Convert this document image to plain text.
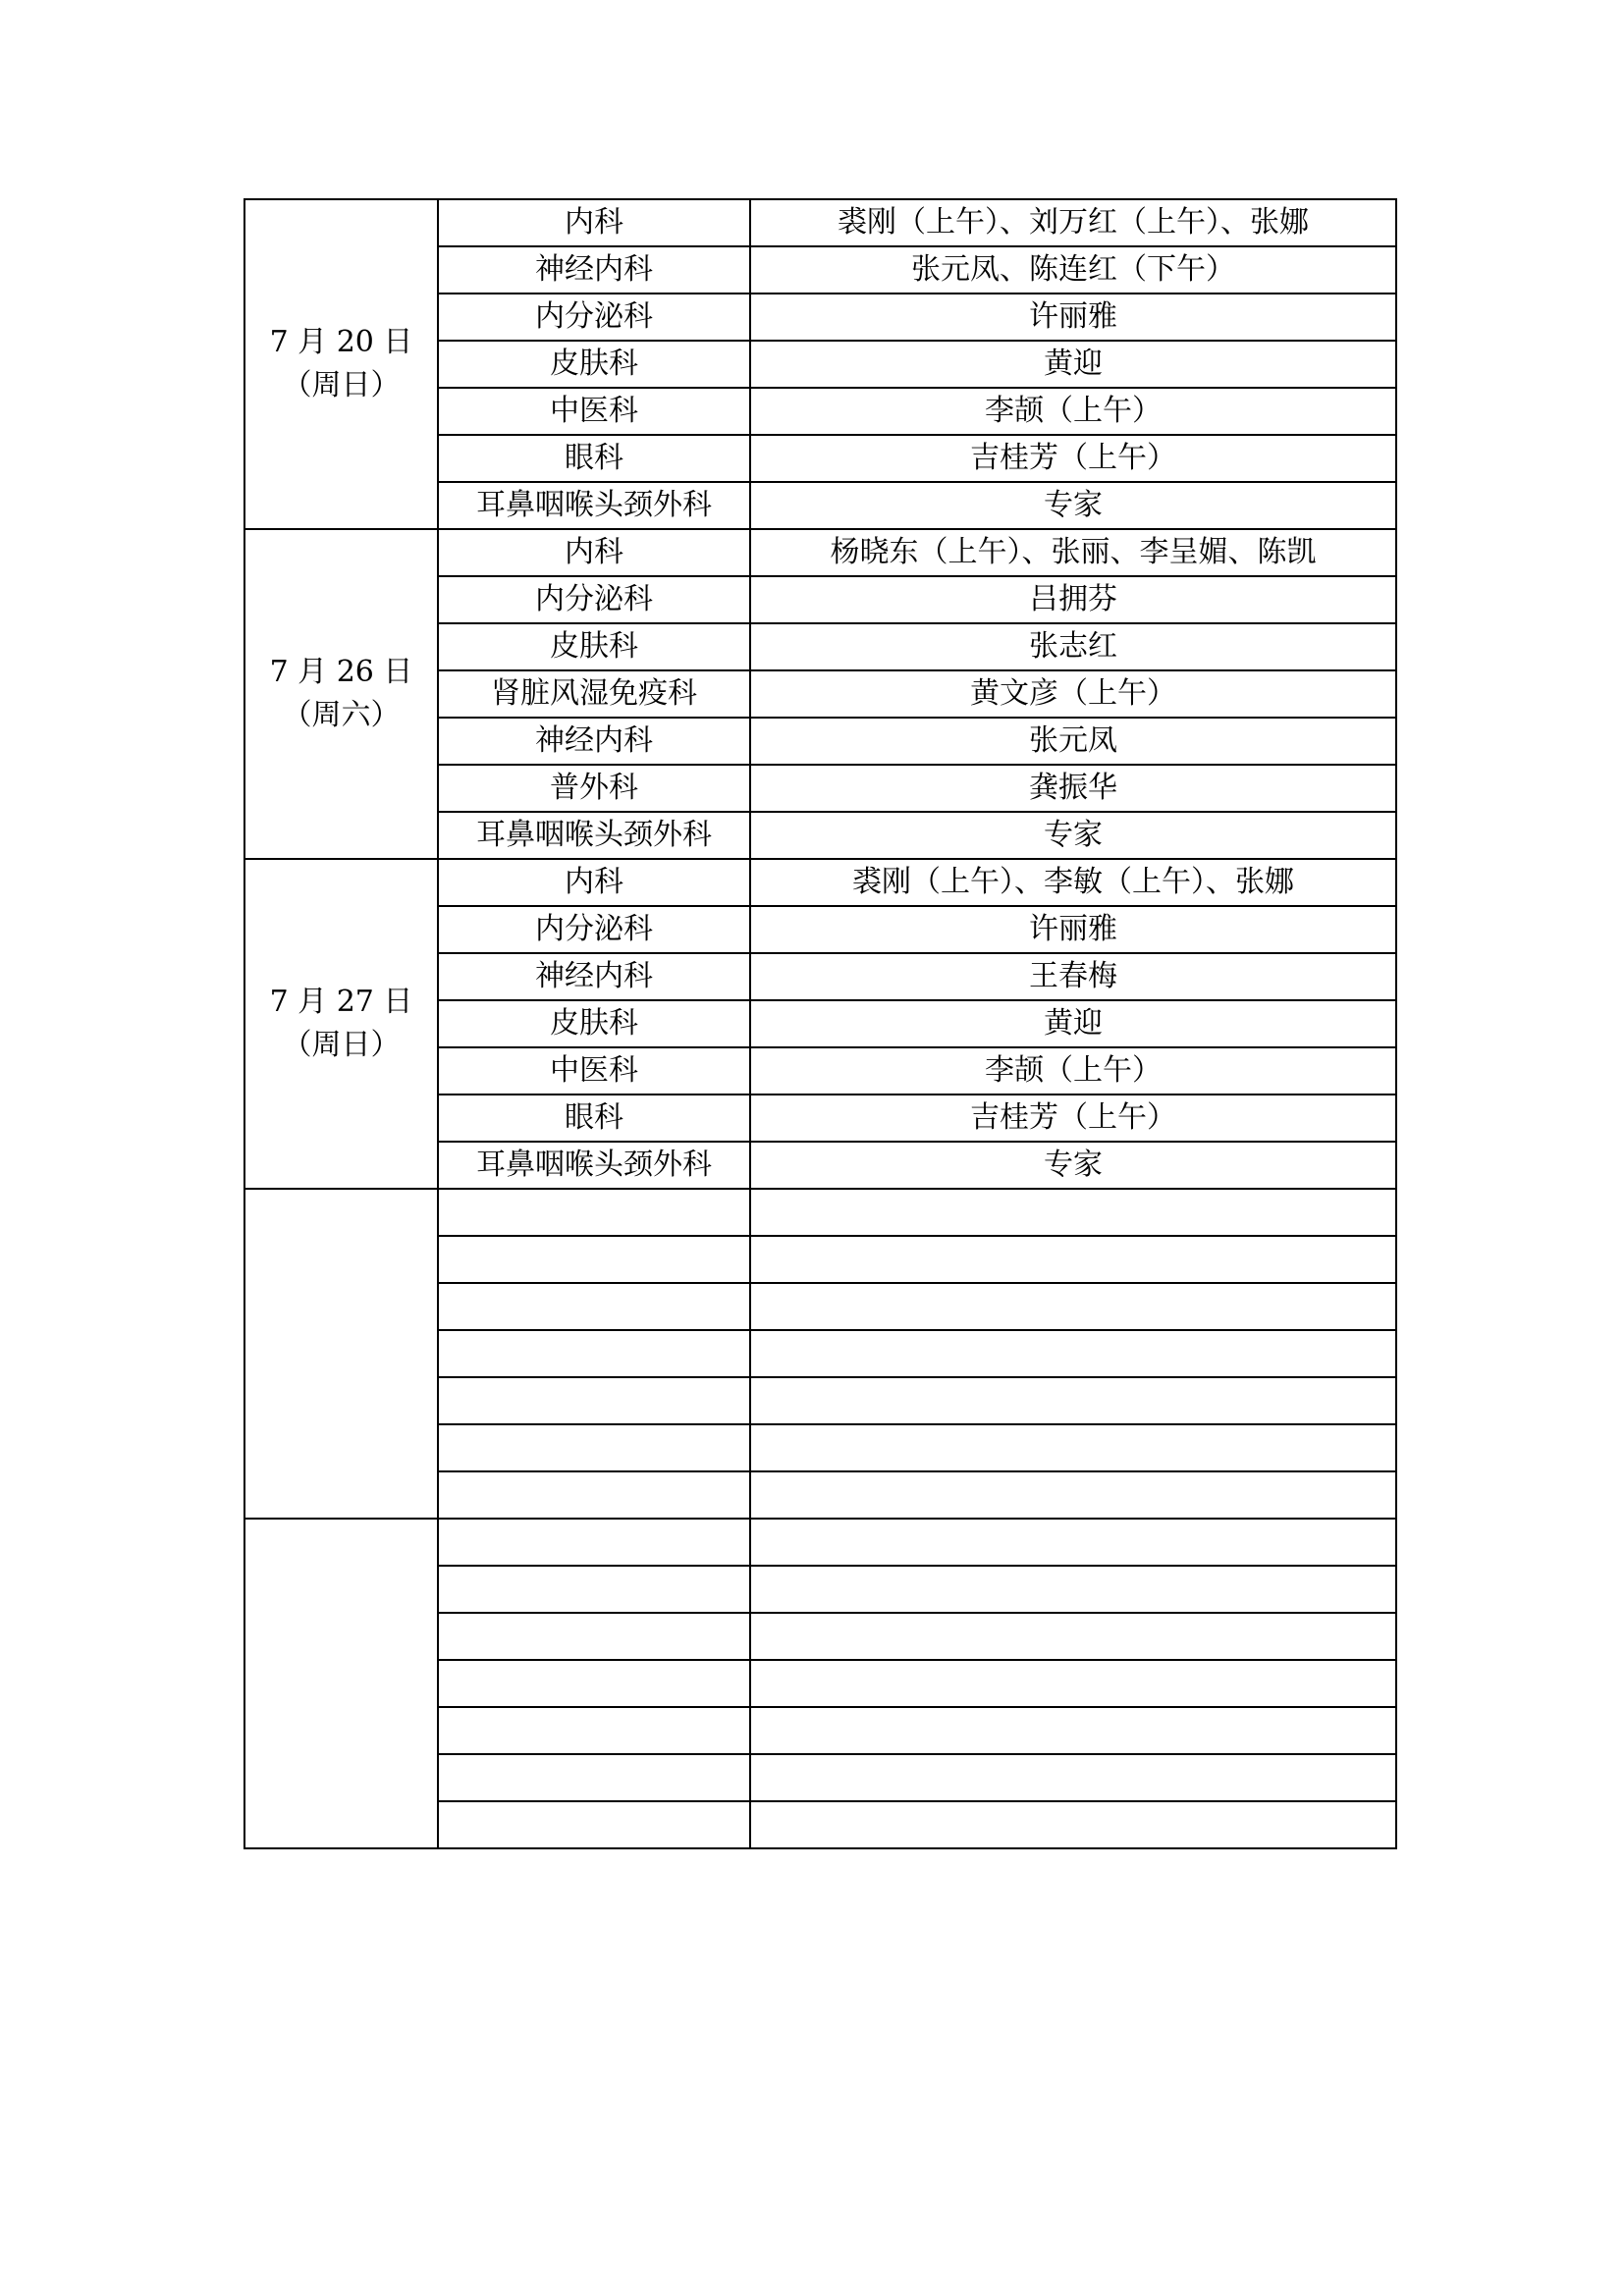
7 月 20 日
（周日）	内科	裘刚（上午）、刘万红（上午）、张娜
	神经内科	张元凤、陈连红（下午）
	内分泌科	许丽雅
	皮肤科	黄迎
	中医科	李颉（上午）
	眼科	吉桂芳（上午）
	耳鼻咽喉头颈外科	专家

7 月 26 日
（周六）	内科	杨晓东（上午）、张丽、李呈媚、陈凯
	内分泌科	吕拥芬
	皮肤科	张志红
	肾脏风湿免疫科	黄文彦（上午）
	神经内科	张元凤
	普外科	龚振华
	耳鼻咽喉头颈外科	专家

7 月 27 日
（周日）	内科	裘刚（上午）、李敏（上午）、张娜
	内分泌科	许丽雅
	神经内科	王春梅
	皮肤科	黄迎
	中医科	李颉（上午）
	眼科	吉桂芳（上午）
	耳鼻咽喉头颈外科	专家
